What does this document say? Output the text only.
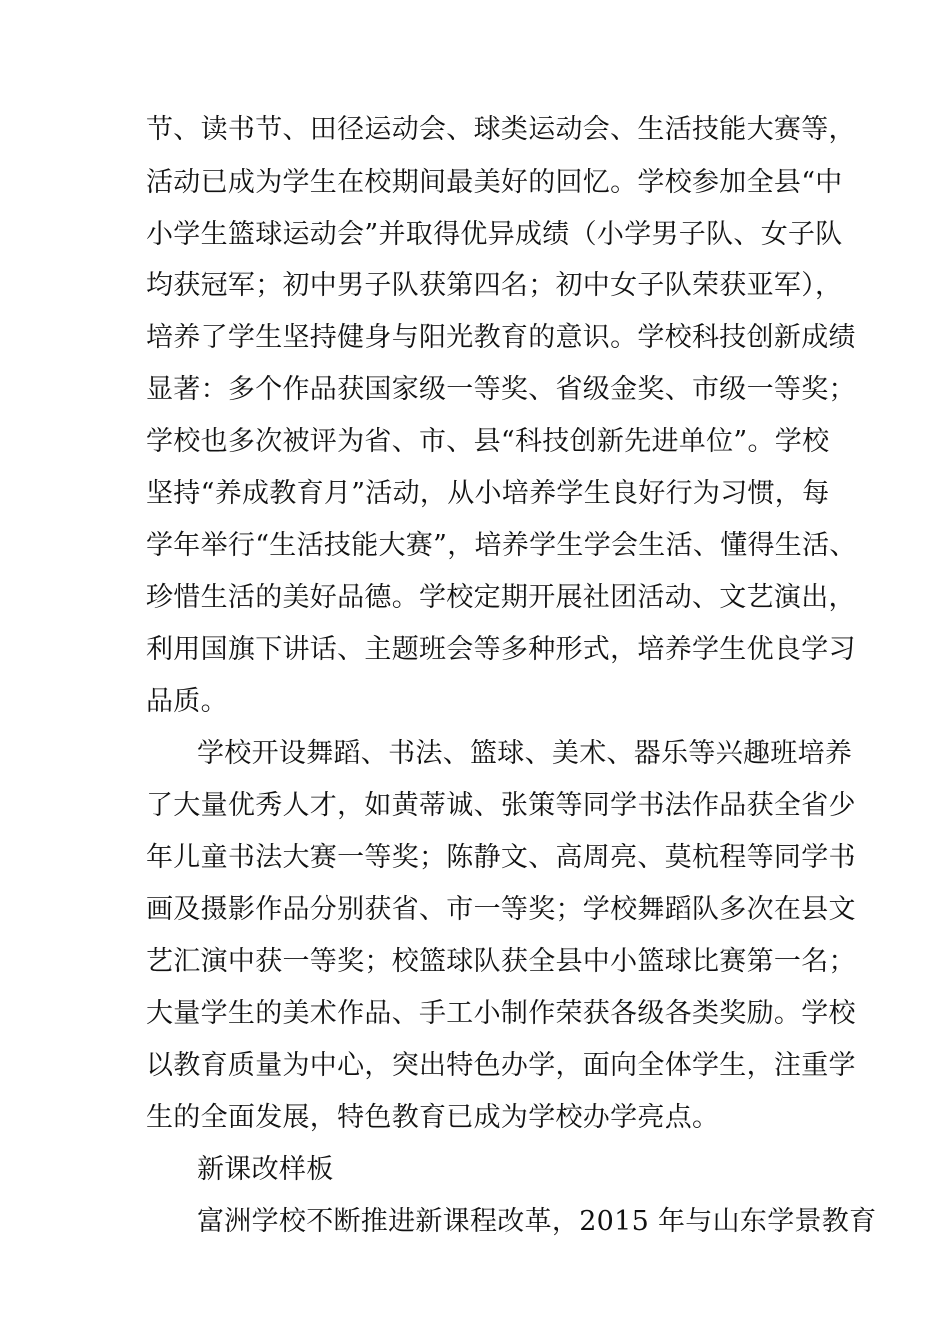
节、读书节、田径运动会、球类运动会、生活技能大赛等，
活动已成为学生在校期间最美好的回忆。学校参加全县“中
小学生篮球运动会”并取得优异成绩（小学男子队、女子队
均获冠军；初中男子队获第四名；初中女子队荣获亚军），
培养了学生坚持健身与阳光教育的意识。学校科技创新成绩
显著：多个作品获国家级一等奖、省级金奖、市级一等奖；
学校也多次被评为省、市、县“科技创新先进单位”。学校
坚持“养成教育月”活动，从小培养学生良好行为习惯，每
学年举行“生活技能大赛”，培养学生学会生活、懂得生活、
珍惜生活的美好品德。学校定期开展社团活动、文艺演出，
利用国旗下讲话、主题班会等多种形式，培养学生优良学习
品质。
学校开设舞蹈、书法、篮球、美术、器乐等兴趣班培养
了大量优秀人才，如黄蒂诚、张策等同学书法作品获全省少
年儿童书法大赛一等奖；陈静文、高周亮、莫杭程等同学书
画及摄影作品分别获省、市一等奖；学校舞蹈队多次在县文
艺汇演中获一等奖；校篮球队获全县中小篮球比赛第一名；
大量学生的美术作品、手工小制作荣获各级各类奖励。学校
以教育质量为中心，突出特色办学，面向全体学生，注重学
生的全面发展，特色教育已成为学校办学亮点。
新课改样板
富洲学校不断推进新课程改革，2015 年与山东学景教育
